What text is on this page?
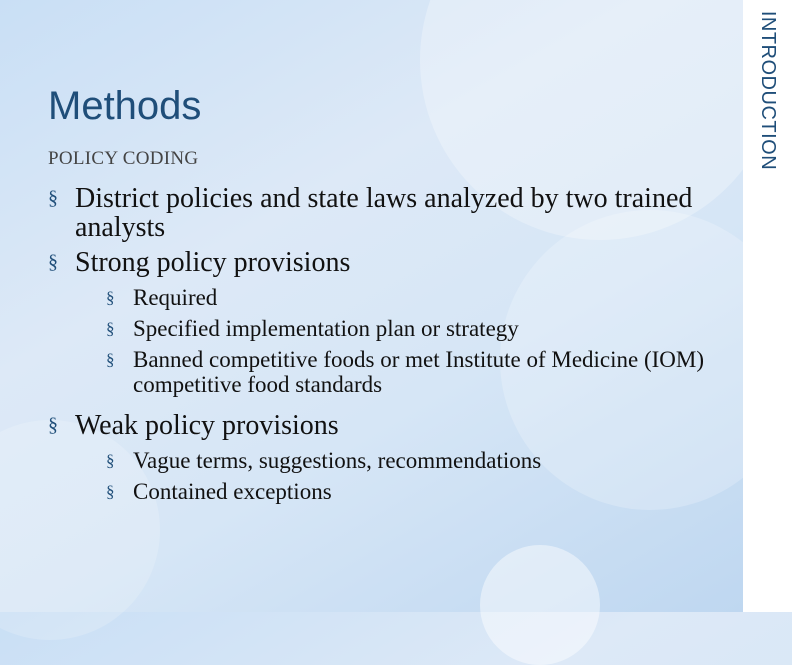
INTRODUCTION
Methods

POLICY CODING

§ District policies and state laws analyzed by two trained analysts
§ Strong policy provisions
§ Required
§ Specified implementation plan or strategy
§ Banned competitive foods or met Institute of Medicine (IOM) competitive food standards
§ Weak policy provisions
§ Vague terms, suggestions, recommendations
§ Contained exceptions
